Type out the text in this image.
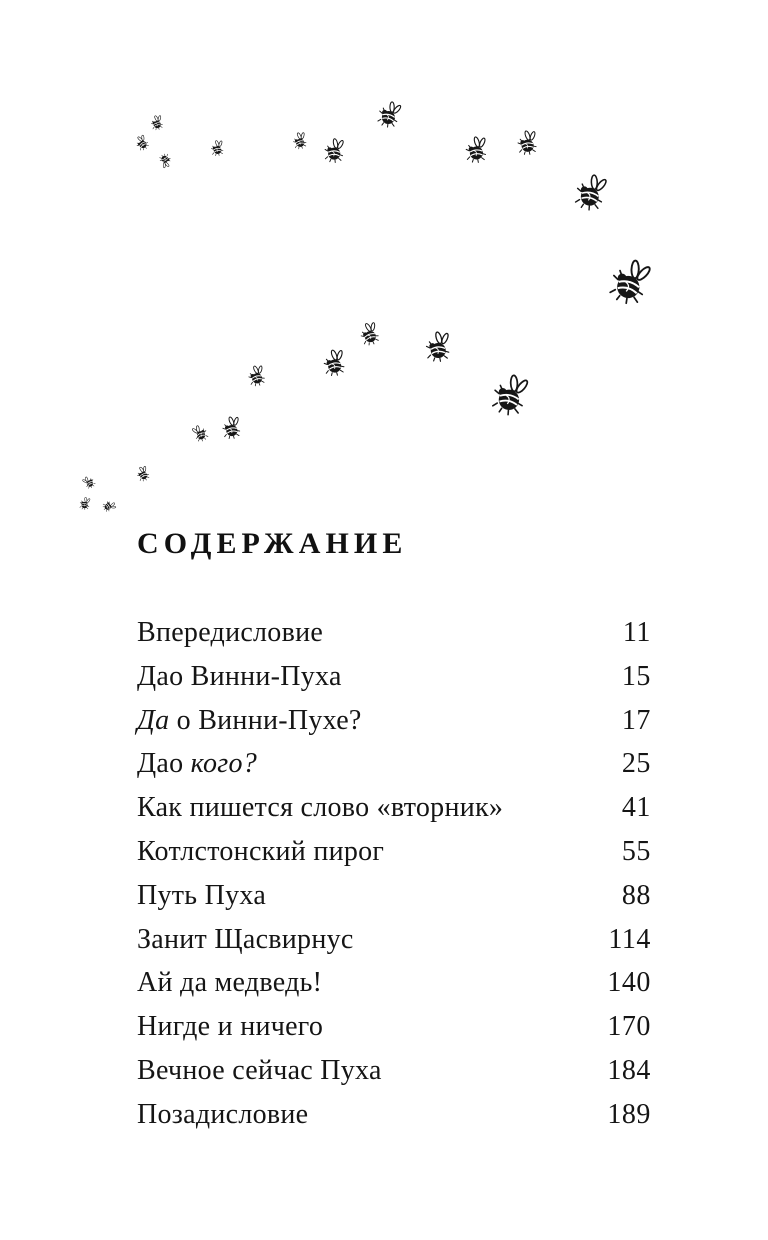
СОДЕРЖАНИЕ
Впередисловие	11
Дао Винни-Пуха	15
Да о Винни-Пухе?	17
Дао кого?	25
Как пишется слово «вторник»	41
Котлстонский пирог	55
Путь Пуха	88
Занит Щасвирнус	114
Ай да медведь!	140
Нигде и ничего	170
Вечное сейчас Пуха	184
Позадисловие	189
